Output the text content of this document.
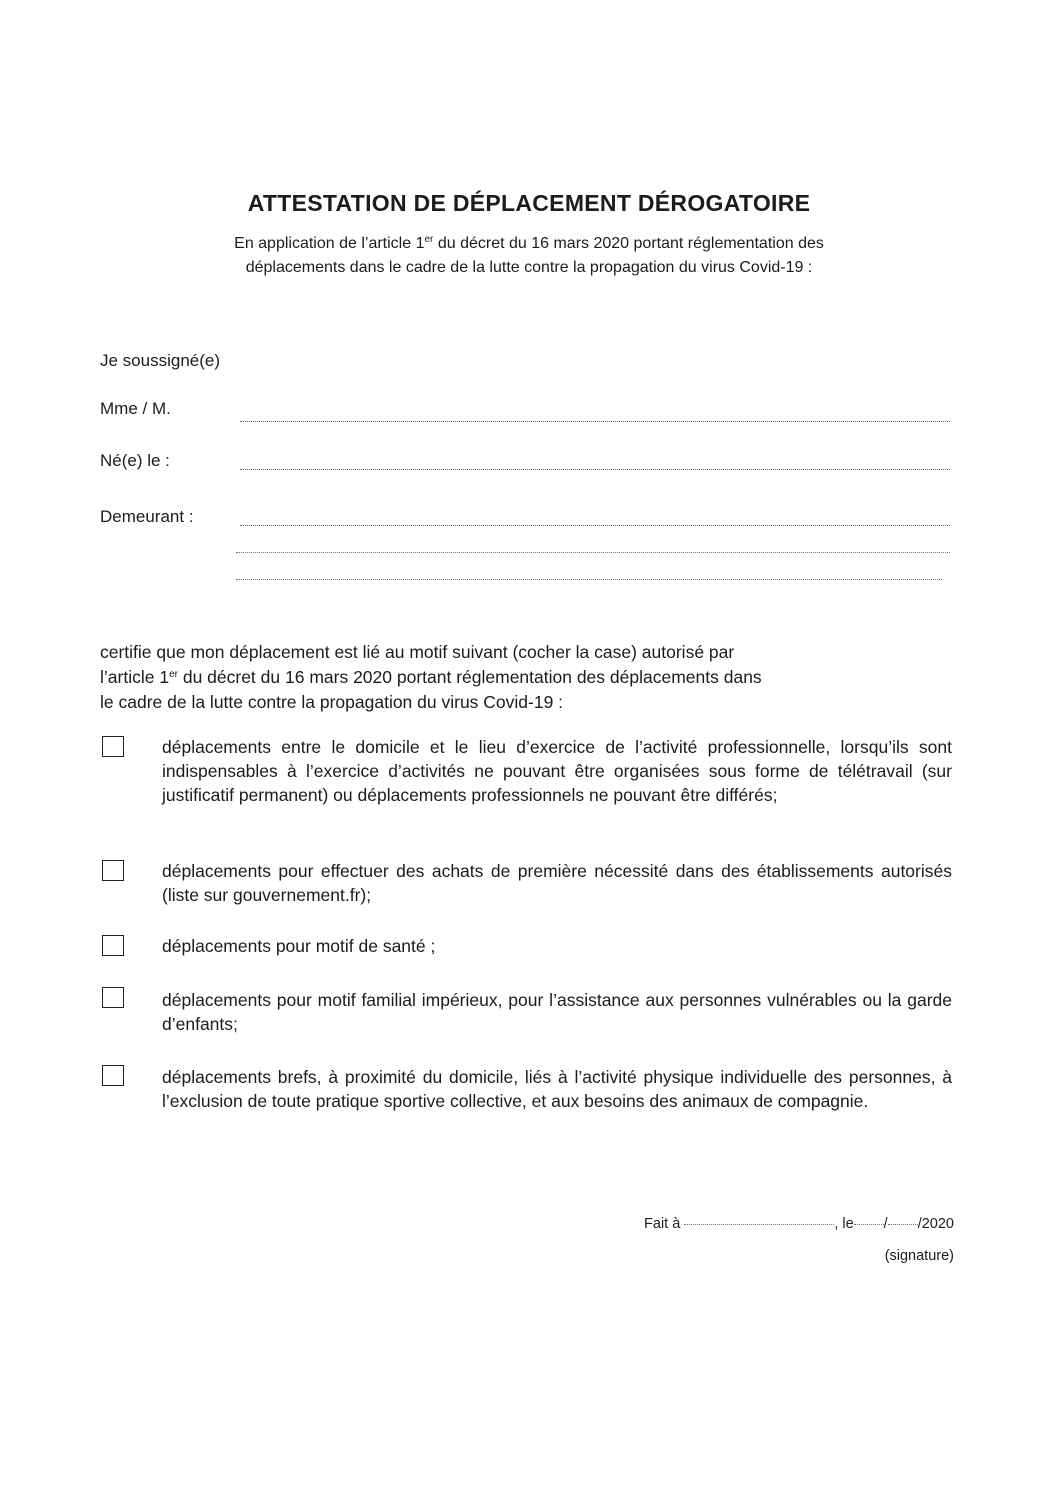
ATTESTATION DE DÉPLACEMENT DÉROGATOIRE

En application de l’article 1er du décret du 16 mars 2020 portant réglementation des

déplacements dans le cadre de la lutte contre la propagation du virus Covid-19 :

Je soussigné(e)
Mme / M.
Né(e) le :
Demeurant :

certifie que mon déplacement est lié au motif suivant (cocher la case) autorisé par

l’article 1er du décret du 16 mars 2020 portant réglementation des déplacements dans

le cadre de la lutte contre la propagation du virus Covid-19 :

déplacements entre le domicile et le lieu d’exercice de l’activité professionnelle, lorsqu’ils sont indispensables à l’exercice d’activités ne pouvant être organisées sous forme de télétravail (sur justificatif permanent) ou déplacements professionnels ne pouvant être différés;
déplacements pour effectuer des achats de première nécessité dans des établissements autorisés (liste sur gouvernement.fr);
déplacements pour motif de santé ;
déplacements pour motif familial impérieux, pour l’assistance aux personnes vulnérables ou la garde d’enfants;
déplacements brefs, à proximité du domicile, liés à l’activité physique individuelle des personnes, à l’exclusion de toute pratique sportive collective, et aux besoins des animaux de compagnie.
Fait à	, le / /2020
(signature)
